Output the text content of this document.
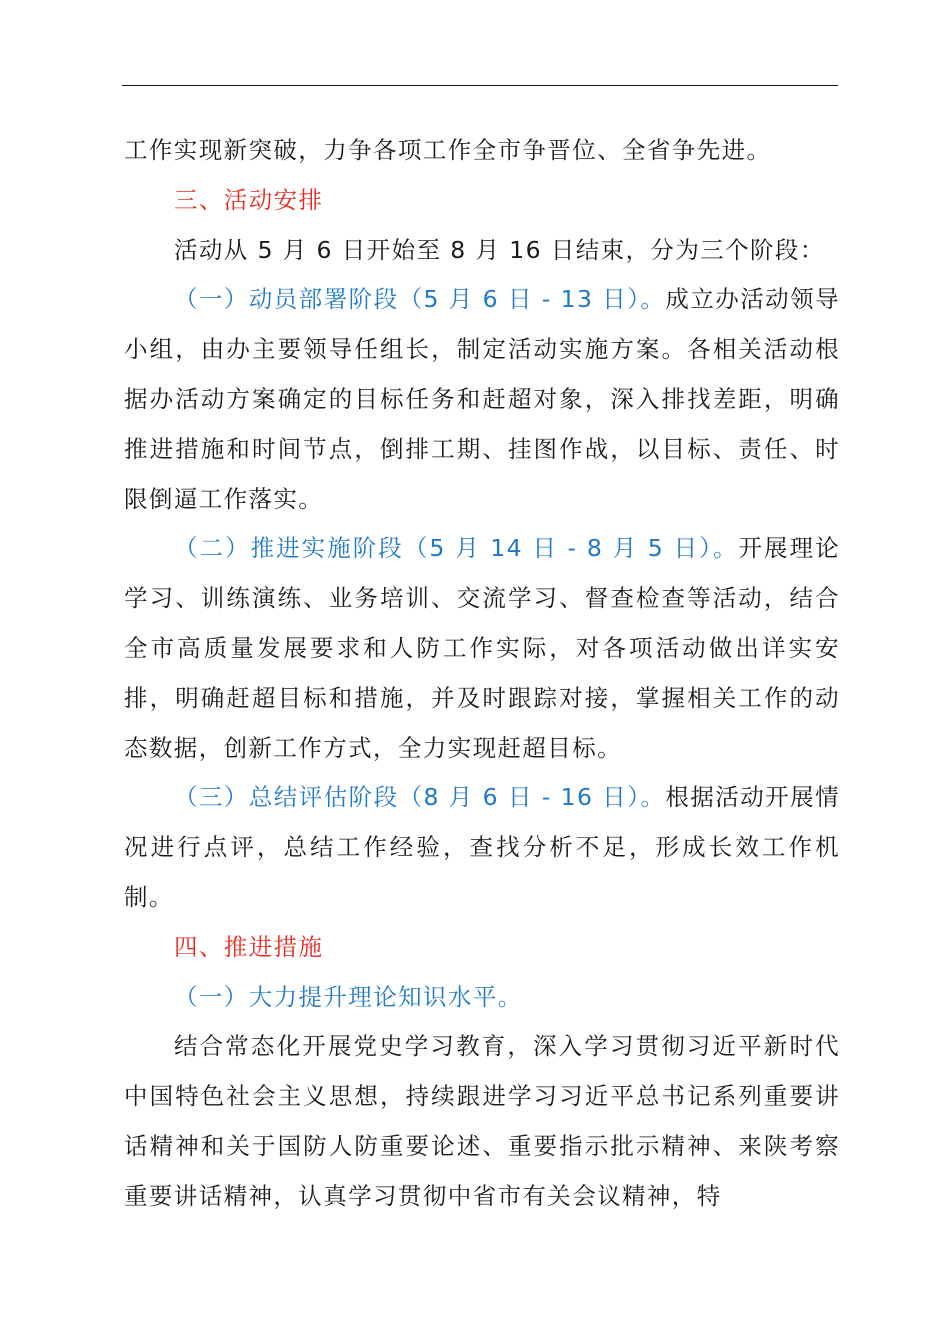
工作实现新突破，力争各项工作全市争晋位、全省争先进。

三、活动安排

活动从 5 月 6 日开始至 8 月 16 日结束，分为三个阶段：

（一）动员部署阶段（5 月 6 日 - 13 日）。成立办活动领导小组，由办主要领导任组长，制定活动实施方案。各相关活动根据办活动方案确定的目标任务和赶超对象，深入排找差距，明确推进措施和时间节点，倒排工期、挂图作战，以目标、责任、时限倒逼工作落实。

（二）推进实施阶段（5 月 14 日 - 8 月 5 日）。开展理论学习、训练演练、业务培训、交流学习、督查检查等活动，结合全市高质量发展要求和人防工作实际，对各项活动做出详实安排，明确赶超目标和措施，并及时跟踪对接，掌握相关工作的动态数据，创新工作方式，全力实现赶超目标。

（三）总结评估阶段（8 月 6 日 - 16 日）。根据活动开展情况进行点评，总结工作经验，查找分析不足，形成长效工作机制。

四、推进措施

（一）大力提升理论知识水平。

结合常态化开展党史学习教育，深入学习贯彻习近平新时代中国特色社会主义思想，持续跟进学习习近平总书记系列重要讲话精神和关于国防人防重要论述、重要指示批示精神、来陕考察重要讲话精神，认真学习贯彻中省市有关会议精神，特
